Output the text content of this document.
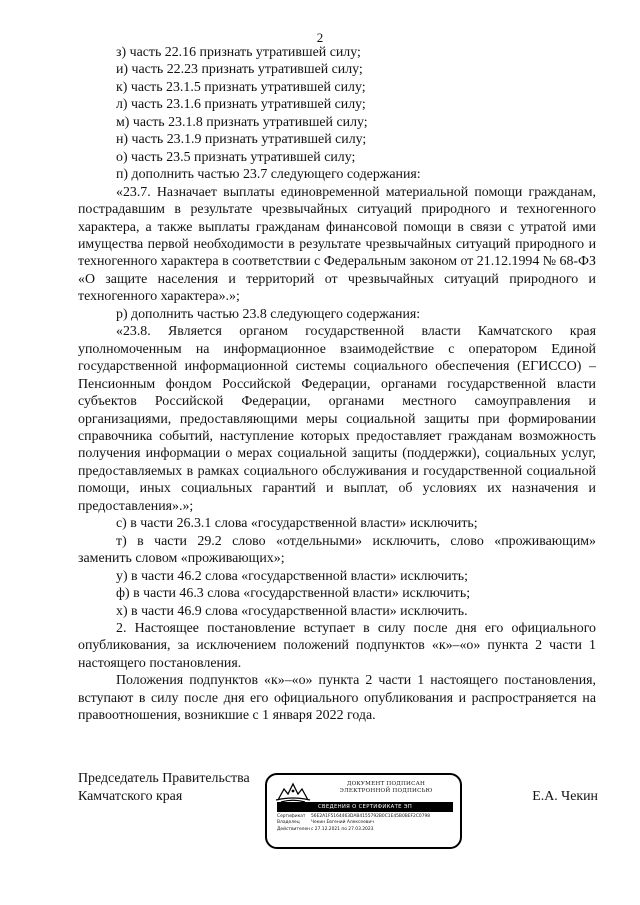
2

з) часть 22.16 признать утратившей силу;

и) часть 22.23 признать утратившей силу;

к) часть 23.1.5 признать утратившей силу;

л) часть 23.1.6 признать утратившей силу;

м) часть 23.1.8 признать утратившей силу;

н) часть 23.1.9 признать утратившей силу;

о) часть 23.5 признать утратившей силу;

п) дополнить частью 23.7 следующего содержания:

«23.7. Назначает выплаты единовременной материальной помощи гражданам, пострадавшим в результате чрезвычайных ситуаций природного и техногенного характера, а также выплаты гражданам финансовой помощи в связи с утратой ими имущества первой необходимости в результате чрезвычайных ситуаций природного и техногенного характера в соответствии с Федеральным законом от 21.12.1994 № 68-ФЗ «О защите населения и территорий от чрезвычайных ситуаций природного и техногенного характера».»;

р) дополнить частью 23.8 следующего содержания:

«23.8. Является органом государственной власти Камчатского края уполномоченным на информационное взаимодействие с оператором Единой государственной информационной системы социального обеспечения (ЕГИССО) – Пенсионным фондом Российской Федерации, органами государственной власти субъектов Российской Федерации, органами местного самоуправления и организациями, предоставляющими меры социальной защиты при формировании справочника событий, наступление которых предоставляет гражданам возможность получения информации о мерах социальной защиты (поддержки), социальных услуг, предоставляемых в рамках социального обслуживания и государственной социальной помощи, иных социальных гарантий и выплат, об условиях их назначения и предоставления».»;

с) в части 26.3.1 слова «государственной власти» исключить;

т) в части 29.2 слово «отдельными» исключить, слово «проживающим» заменить словом «проживающих»;

у) в части 46.2 слова «государственной власти» исключить;

ф) в части 46.3 слова «государственной власти» исключить;

х) в части 46.9 слова «государственной власти» исключить.

2. Настоящее постановление вступает в силу после дня его официального опубликования, за исключением положений подпунктов «к»–«о» пункта 2 части 1 настоящего постановления.

Положения подпунктов «к»–«о» пункта 2 части 1 настоящего постановления, вступают в силу после дня его официального опубликования и распространяется на правоотношения, возникшие с 1 января 2022 года.

Председатель Правительства
Камчатского края
ДОКУМЕНТ ПОДПИСАН
ЭЛЕКТРОННОЙ ПОДПИСЬЮ
СВЕДЕНИЯ О СЕРТИФИКАТЕ ЭП
Сертификат	56E2A1F5164463DAB4155792B0C1E45B0BEF2C0798
Владелец	Чекин Евгений Алексеевич
Действителен с 27.12.2021 по 27.03.2023
Е.А. Чекин
